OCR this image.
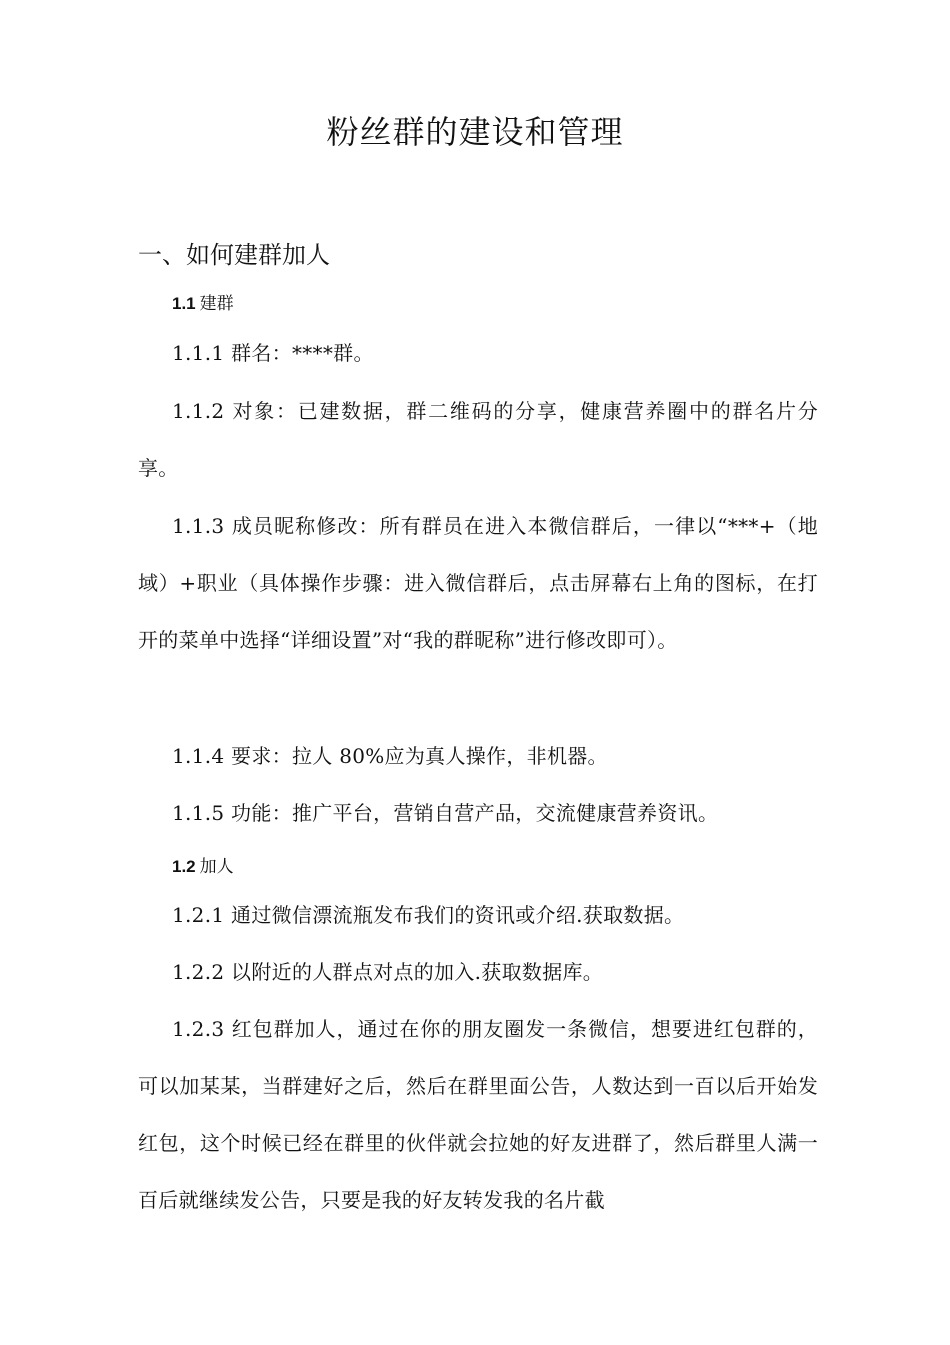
粉丝群的建设和管理
一、如何建群加人
1.1 建群
1.1.1 群名：****群。
1.1.2 对象：已建数据，群二维码的分享，健康营养圈中的群名片分享。
1.1.3 成员昵称修改：所有群员在进入本微信群后，一律以“***+（地域）+职业（具体操作步骤：进入微信群后，点击屏幕右上角的图标，在打开的菜单中选择“详细设置”对“我的群昵称”进行修改即可）。
1.1.4 要求：拉人 80%应为真人操作，非机器。
1.1.5 功能：推广平台，营销自营产品，交流健康营养资讯。
1.2 加人
1.2.1 通过微信漂流瓶发布我们的资讯或介绍.获取数据。
1.2.2 以附近的人群点对点的加入.获取数据库。
1.2.3 红包群加人，通过在你的朋友圈发一条微信，想要进红包群的，可以加某某，当群建好之后，然后在群里面公告，人数达到一百以后开始发红包，这个时候已经在群里的伙伴就会拉她的好友进群了，然后群里人满一百后就继续发公告，只要是我的好友转发我的名片截
